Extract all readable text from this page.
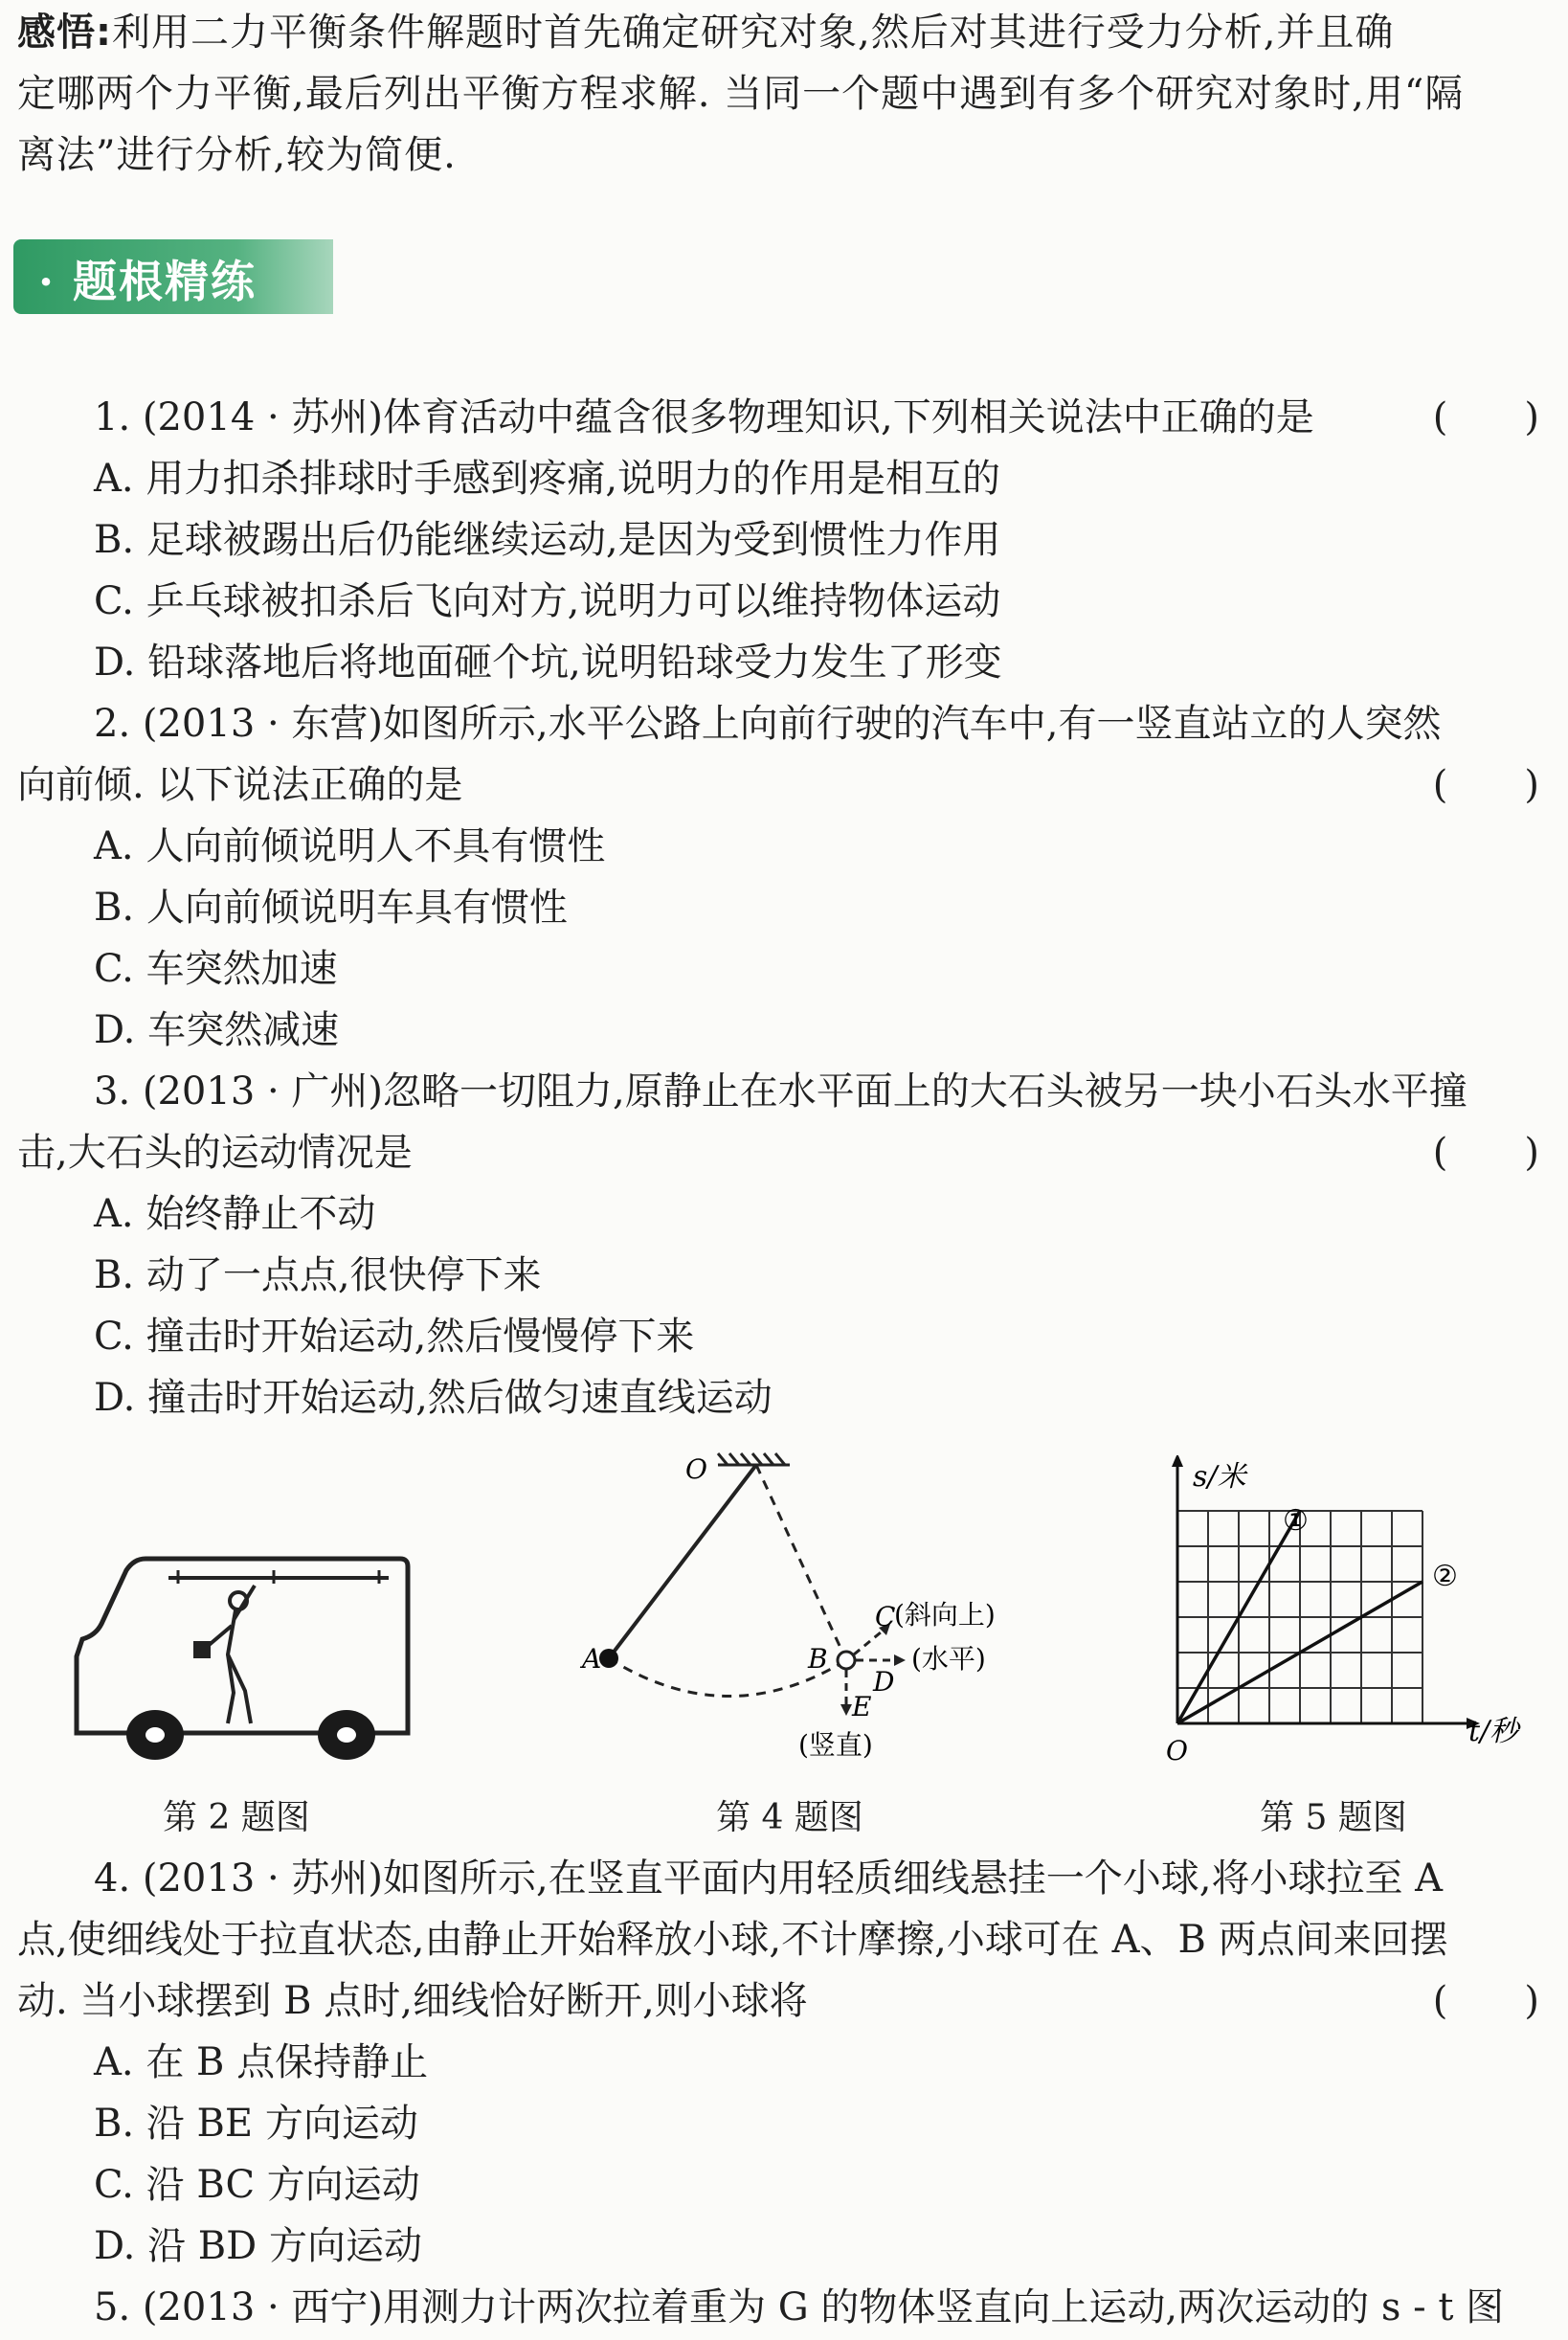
感悟:利用二力平衡条件解题时首先确定研究对象,然后对其进行受力分析,并且确
定哪两个力平衡,最后列出平衡方程求解. 当同一个题中遇到有多个研究对象时,用“隔
离法”进行分析,较为简便.
· 题根精练
1. (2014 · 苏州)体育活动中蕴含很多物理知识,下列相关说法中正确的是	(　　)
A. 用力扣杀排球时手感到疼痛,说明力的作用是相互的
B. 足球被踢出后仍能继续运动,是因为受到惯性力作用
C. 乒乓球被扣杀后飞向对方,说明力可以维持物体运动
D. 铅球落地后将地面砸个坑,说明铅球受力发生了形变
2. (2013 · 东营)如图所示,水平公路上向前行驶的汽车中,有一竖直站立的人突然
向前倾. 以下说法正确的是	(　　)
A. 人向前倾说明人不具有惯性
B. 人向前倾说明车具有惯性
C. 车突然加速
D. 车突然减速
3. (2013 · 广州)忽略一切阻力,原静止在水平面上的大石头被另一块小石头水平撞
击,大石头的运动情况是	(　　)
A. 始终静止不动
B. 动了一点点,很快停下来
C. 撞击时开始运动,然后慢慢停下来
D. 撞击时开始运动,然后做匀速直线运动
O
A	B
C
(斜向上)
D
(水平)
E
(竖直)
s/米
t/秒
O
①
②
第 2 题图	第 4 题图	第 5 题图
4. (2013 · 苏州)如图所示,在竖直平面内用轻质细线悬挂一个小球,将小球拉至 A
点,使细线处于拉直状态,由静止开始释放小球,不计摩擦,小球可在 A、B 两点间来回摆
动. 当小球摆到 B 点时,细线恰好断开,则小球将	(　　)
A. 在 B 点保持静止
B. 沿 BE 方向运动
C. 沿 BC 方向运动
D. 沿 BD 方向运动
5. (2013 · 西宁)用测力计两次拉着重为 G 的物体竖直向上运动,两次运动的 s - t 图
